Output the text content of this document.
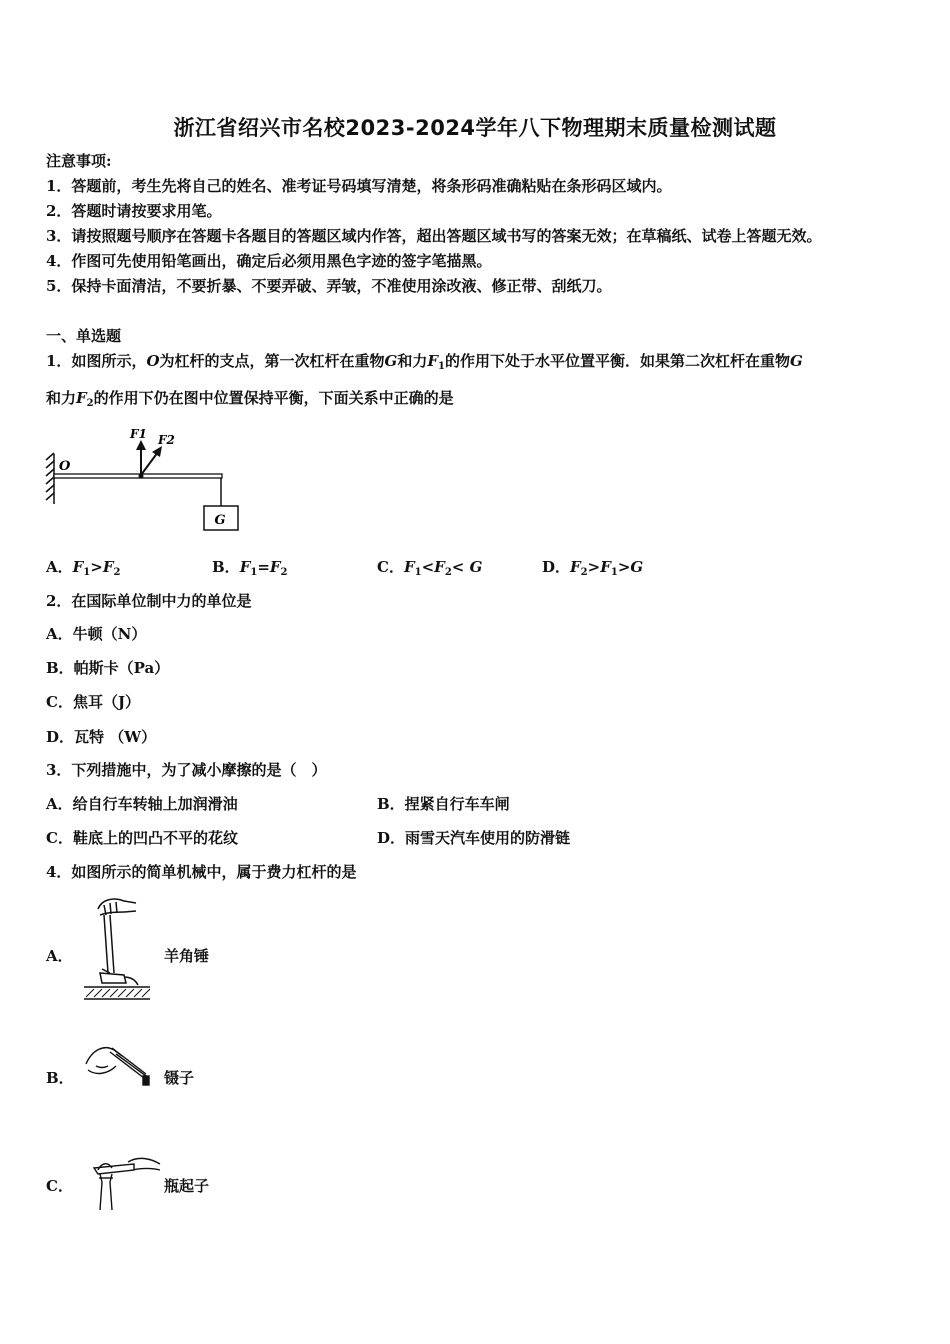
浙江省绍兴市名校2023-2024学年八下物理期末质量检测试题
注意事项:
1．答题前，考生先将自己的姓名、准考证号码填写清楚，将条形码准确粘贴在条形码区域内。
2．答题时请按要求用笔。
3．请按照题号顺序在答题卡各题目的答题区域内作答，超出答题区域书写的答案无效；在草稿纸、试卷上答题无效。
4．作图可先使用铅笔画出，确定后必须用黑色字迹的签字笔描黑。
5．保持卡面清洁，不要折暴、不要弄破、弄皱，不准使用涂改液、修正带、刮纸刀。
一、单选题
1．如图所示，O为杠杆的支点，第一次杠杆在重物G和力$F_1$的作用下处于水平位置平衡．如果第二次杠杆在重物G
和力$F_2$的作用下仍在图中位置保持平衡，下面关系中正确的是
G
O
F1 F2
A．$F_1>F_2$	B．$F_1=F_2$	C．$F_1<F_2< G$	D．$F_2>F_1>G$
2．在国际单位制中力的单位是
A．牛顿（N）
B．帕斯卡（Pa）
C．焦耳（J）
D．瓦特 （W）
3．下列措施中，为了减小摩擦的是（　）
A．给自行车转轴上加润滑油	B．捏紧自行车车闸
C．鞋底上的凹凸不平的花纹	D．雨雪天汽车使用的防滑链
4．如图所示的简单机械中，属于费力杠杆的是
A．	羊角锤
B．	镊子
C．	瓶起子
